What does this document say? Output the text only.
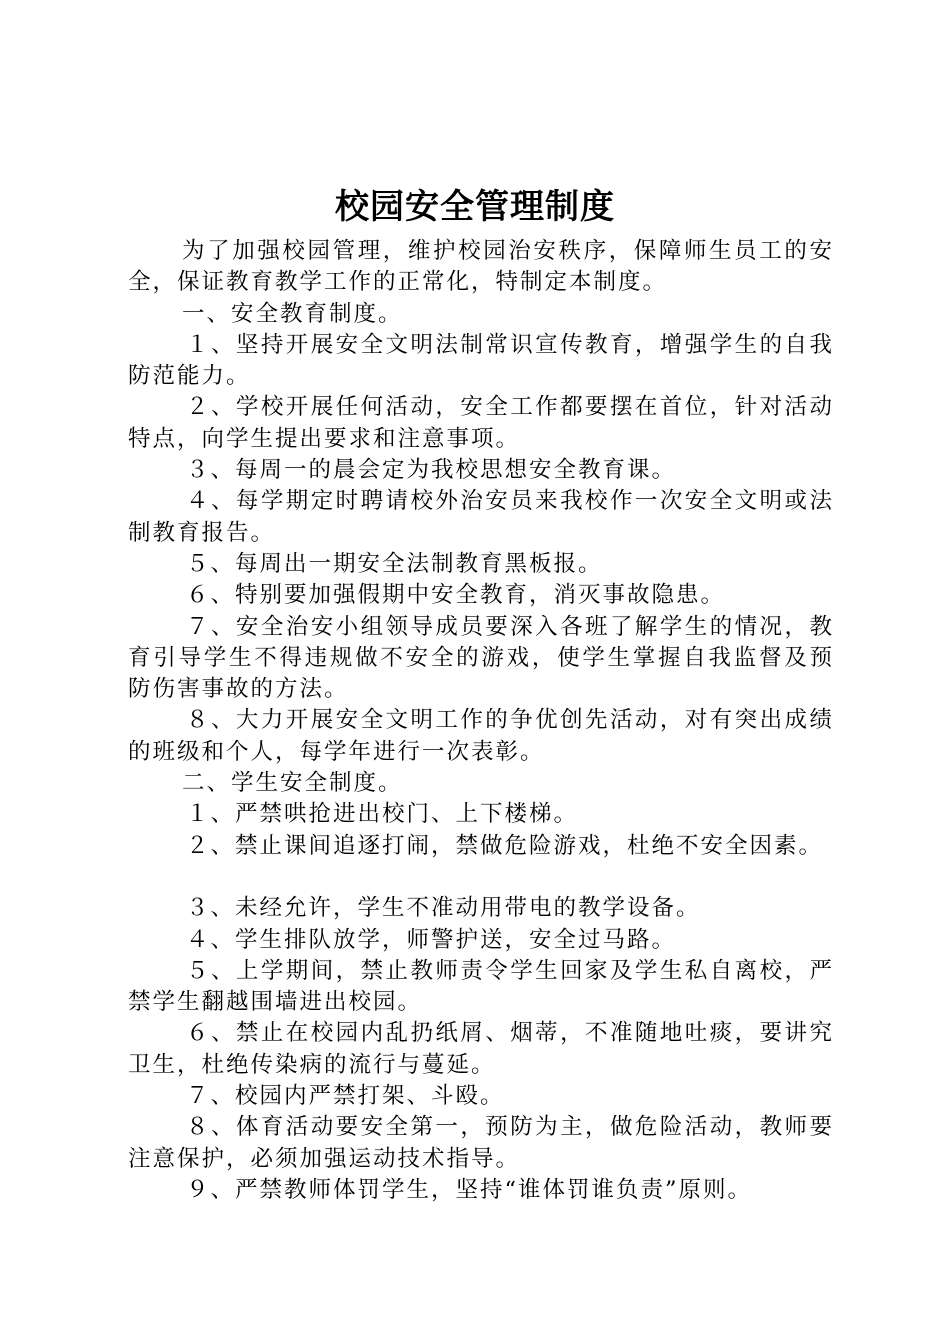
校园安全管理制度

为了加强校园管理，维护校园治安秩序，保障师生员工的安全，保证教育教学工作的正常化，特制定本制度。

一、安全教育制度。

１、坚持开展安全文明法制常识宣传教育，增强学生的自我防范能力。

２、学校开展任何活动，安全工作都要摆在首位，针对活动特点，向学生提出要求和注意事项。

３、每周一的晨会定为我校思想安全教育课。

４、每学期定时聘请校外治安员来我校作一次安全文明或法制教育报告。

５、每周出一期安全法制教育黑板报。

６、特别要加强假期中安全教育，消灭事故隐患。

７、安全治安小组领导成员要深入各班了解学生的情况，教育引导学生不得违规做不安全的游戏，使学生掌握自我监督及预防伤害事故的方法。

８、大力开展安全文明工作的争优创先活动，对有突出成绩的班级和个人，每学年进行一次表彰。

二、学生安全制度。

１、严禁哄抢进出校门、上下楼梯。

２、禁止课间追逐打闹，禁做危险游戏，杜绝不安全因素。

３、未经允许，学生不准动用带电的教学设备。

４、学生排队放学，师警护送，安全过马路。

５、上学期间，禁止教师责令学生回家及学生私自离校，严禁学生翻越围墙进出校园。

６、禁止在校园内乱扔纸屑、烟蒂，不准随地吐痰，要讲究卫生，杜绝传染病的流行与蔓延。

７、校园内严禁打架、斗殴。

８、体育活动要安全第一，预防为主，做危险活动，教师要注意保护，必须加强运动技术指导。

９、严禁教师体罚学生，坚持“谁体罚谁负责”原则。
